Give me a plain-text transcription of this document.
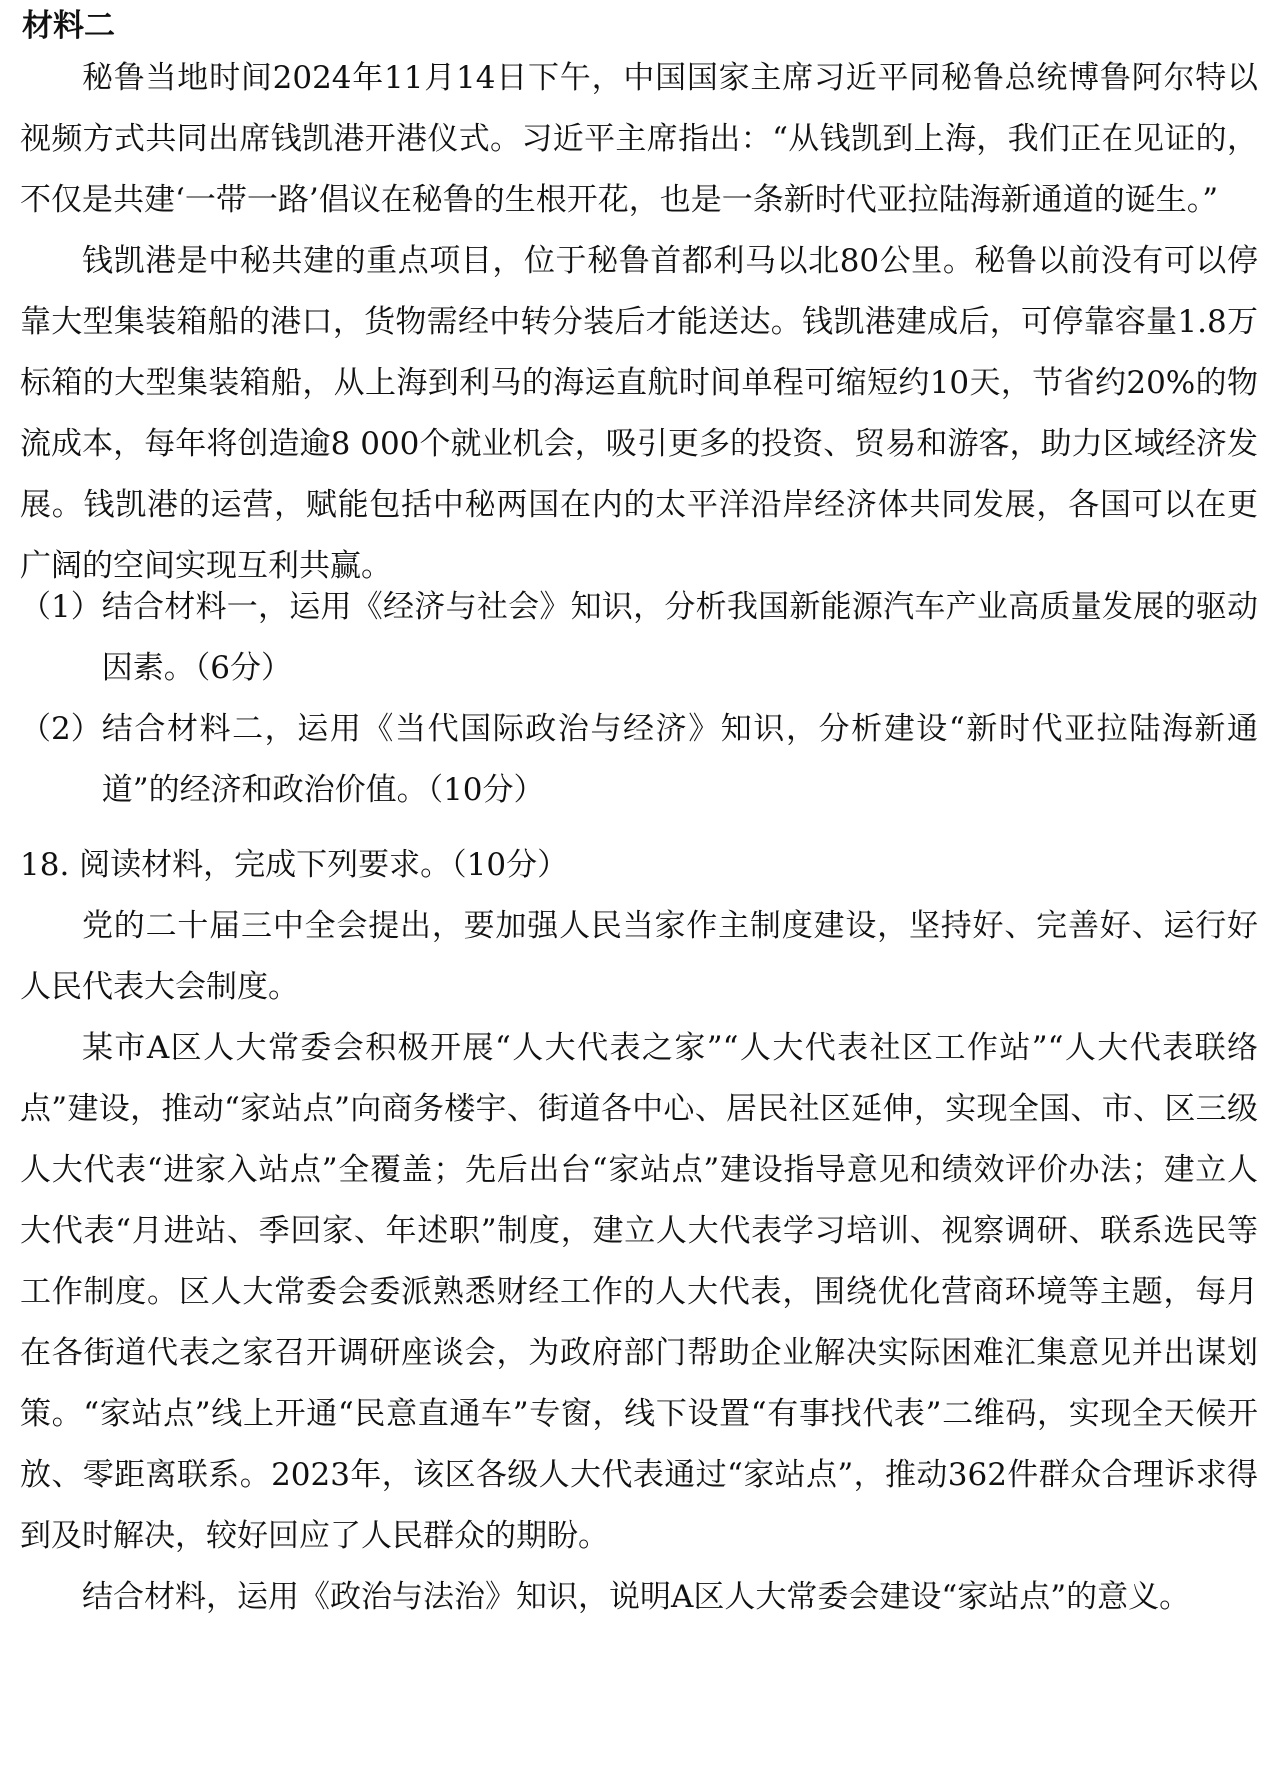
材料二

秘鲁当地时间2024年11月14日下午，中国国家主席习近平同秘鲁总统博鲁阿尔特以视频方式共同出席钱凯港开港仪式。习近平主席指出：“从钱凯到上海，我们正在见证的，不仅是共建‘一带一路’倡议在秘鲁的生根开花，也是一条新时代亚拉陆海新通道的诞生。”

钱凯港是中秘共建的重点项目，位于秘鲁首都利马以北80公里。秘鲁以前没有可以停靠大型集装箱船的港口，货物需经中转分装后才能送达。钱凯港建成后，可停靠容量1.8万标箱的大型集装箱船，从上海到利马的海运直航时间单程可缩短约10天，节省约20%的物流成本，每年将创造逾8 000个就业机会，吸引更多的投资、贸易和游客，助力区域经济发展。钱凯港的运营，赋能包括中秘两国在内的太平洋沿岸经济体共同发展，各国可以在更广阔的空间实现互利共赢。

（1） 结合材料一，运用《经济与社会》知识，分析我国新能源汽车产业高质量发展的驱动因素。（6分）
（2） 结合材料二，运用《当代国际政治与经济》知识，分析建设“新时代亚拉陆海新通道”的经济和政治价值。（10分）

18. 阅读材料，完成下列要求。（10分）

党的二十届三中全会提出，要加强人民当家作主制度建设，坚持好、完善好、运行好人民代表大会制度。

某市A区人大常委会积极开展“人大代表之家”“人大代表社区工作站”“人大代表联络点”建设，推动“家站点”向商务楼宇、街道各中心、居民社区延伸，实现全国、市、区三级人大代表“进家入站点”全覆盖；先后出台“家站点”建设指导意见和绩效评价办法；建立人大代表“月进站、季回家、年述职”制度，建立人大代表学习培训、视察调研、联系选民等工作制度。区人大常委会委派熟悉财经工作的人大代表，围绕优化营商环境等主题，每月在各街道代表之家召开调研座谈会，为政府部门帮助企业解决实际困难汇集意见并出谋划策。“家站点”线上开通“民意直通车”专窗，线下设置“有事找代表”二维码，实现全天候开放、零距离联系。2023年，该区各级人大代表通过“家站点”，推动362件群众合理诉求得到及时解决，较好回应了人民群众的期盼。

结合材料，运用《政治与法治》知识，说明A区人大常委会建设“家站点”的意义。
